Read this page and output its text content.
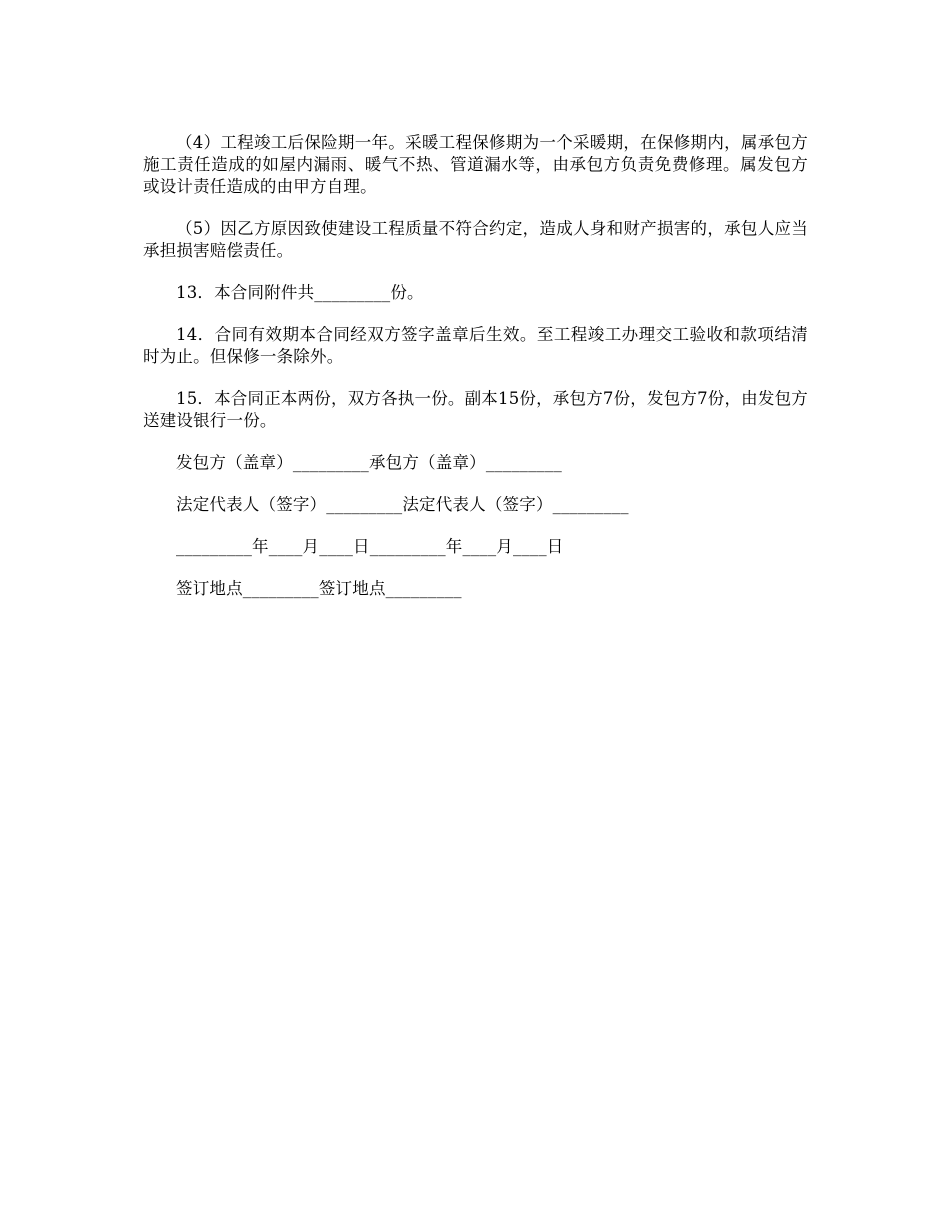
（4）工程竣工后保险期一年。采暖工程保修期为一个采暖期，在保修期内，属承包方施工责任造成的如屋内漏雨、暖气不热、管道漏水等，由承包方负责免费修理。属发包方或设计责任造成的由甲方自理。

（5）因乙方原因致使建设工程质量不符合约定，造成人身和财产损害的，承包人应当承担损害赔偿责任。

13．本合同附件共_________份。

14．合同有效期本合同经双方签字盖章后生效。至工程竣工办理交工验收和款项结清时为止。但保修一条除外。

15．本合同正本两份，双方各执一份。副本15份，承包方7份，发包方7份，由发包方送建设银行一份。

发包方（盖章）_________承包方（盖章）_________
法定代表人（签字）_________法定代表人（签字）_________
_________年____月____日_________年____月____日
签订地点_________签订地点_________
